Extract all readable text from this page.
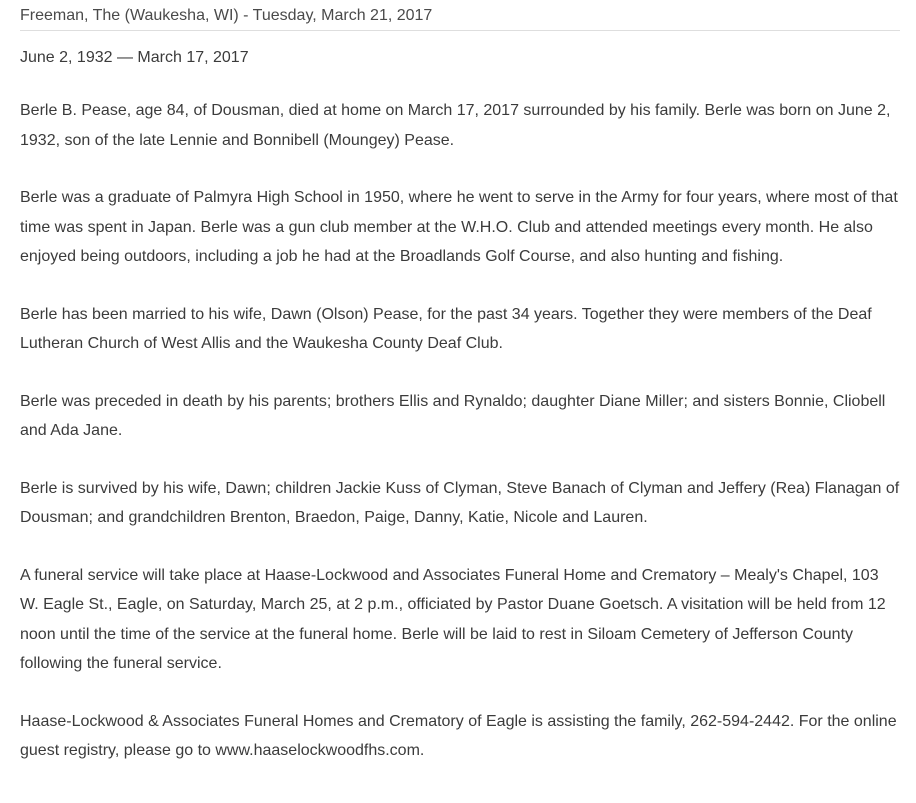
Freeman, The (Waukesha, WI) - Tuesday, March 21, 2017

June 2, 1932 — March 17, 2017

Berle B. Pease, age 84, of Dousman, died at home on March 17, 2017 surrounded by his family. Berle was born on June 2, 1932, son of the late Lennie and Bonnibell (Moungey) Pease.

Berle was a graduate of Palmyra High School in 1950, where he went to serve in the Army for four years, where most of that time was spent in Japan. Berle was a gun club member at the W.H.O. Club and attended meetings every month. He also enjoyed being outdoors, including a job he had at the Broadlands Golf Course, and also hunting and fishing.

Berle has been married to his wife, Dawn (Olson) Pease, for the past 34 years. Together they were members of the Deaf Lutheran Church of West Allis and the Waukesha County Deaf Club.

Berle was preceded in death by his parents; brothers Ellis and Rynaldo; daughter Diane Miller; and sisters Bonnie, Cliobell and Ada Jane.

Berle is survived by his wife, Dawn; children Jackie Kuss of Clyman, Steve Banach of Clyman and Jeffery (Rea) Flanagan of Dousman; and grandchildren Brenton, Braedon, Paige, Danny, Katie, Nicole and Lauren.

A funeral service will take place at Haase-Lockwood and Associates Funeral Home and Crematory – Mealy's Chapel, 103 W. Eagle St., Eagle, on Saturday, March 25, at 2 p.m., officiated by Pastor Duane Goetsch. A visitation will be held from 12 noon until the time of the service at the funeral home. Berle will be laid to rest in Siloam Cemetery of Jefferson County following the funeral service.

Haase-Lockwood & Associates Funeral Homes and Crematory of Eagle is assisting the family, 262-594-2442. For the online guest registry, please go to www.haaselockwoodfhs.com.
